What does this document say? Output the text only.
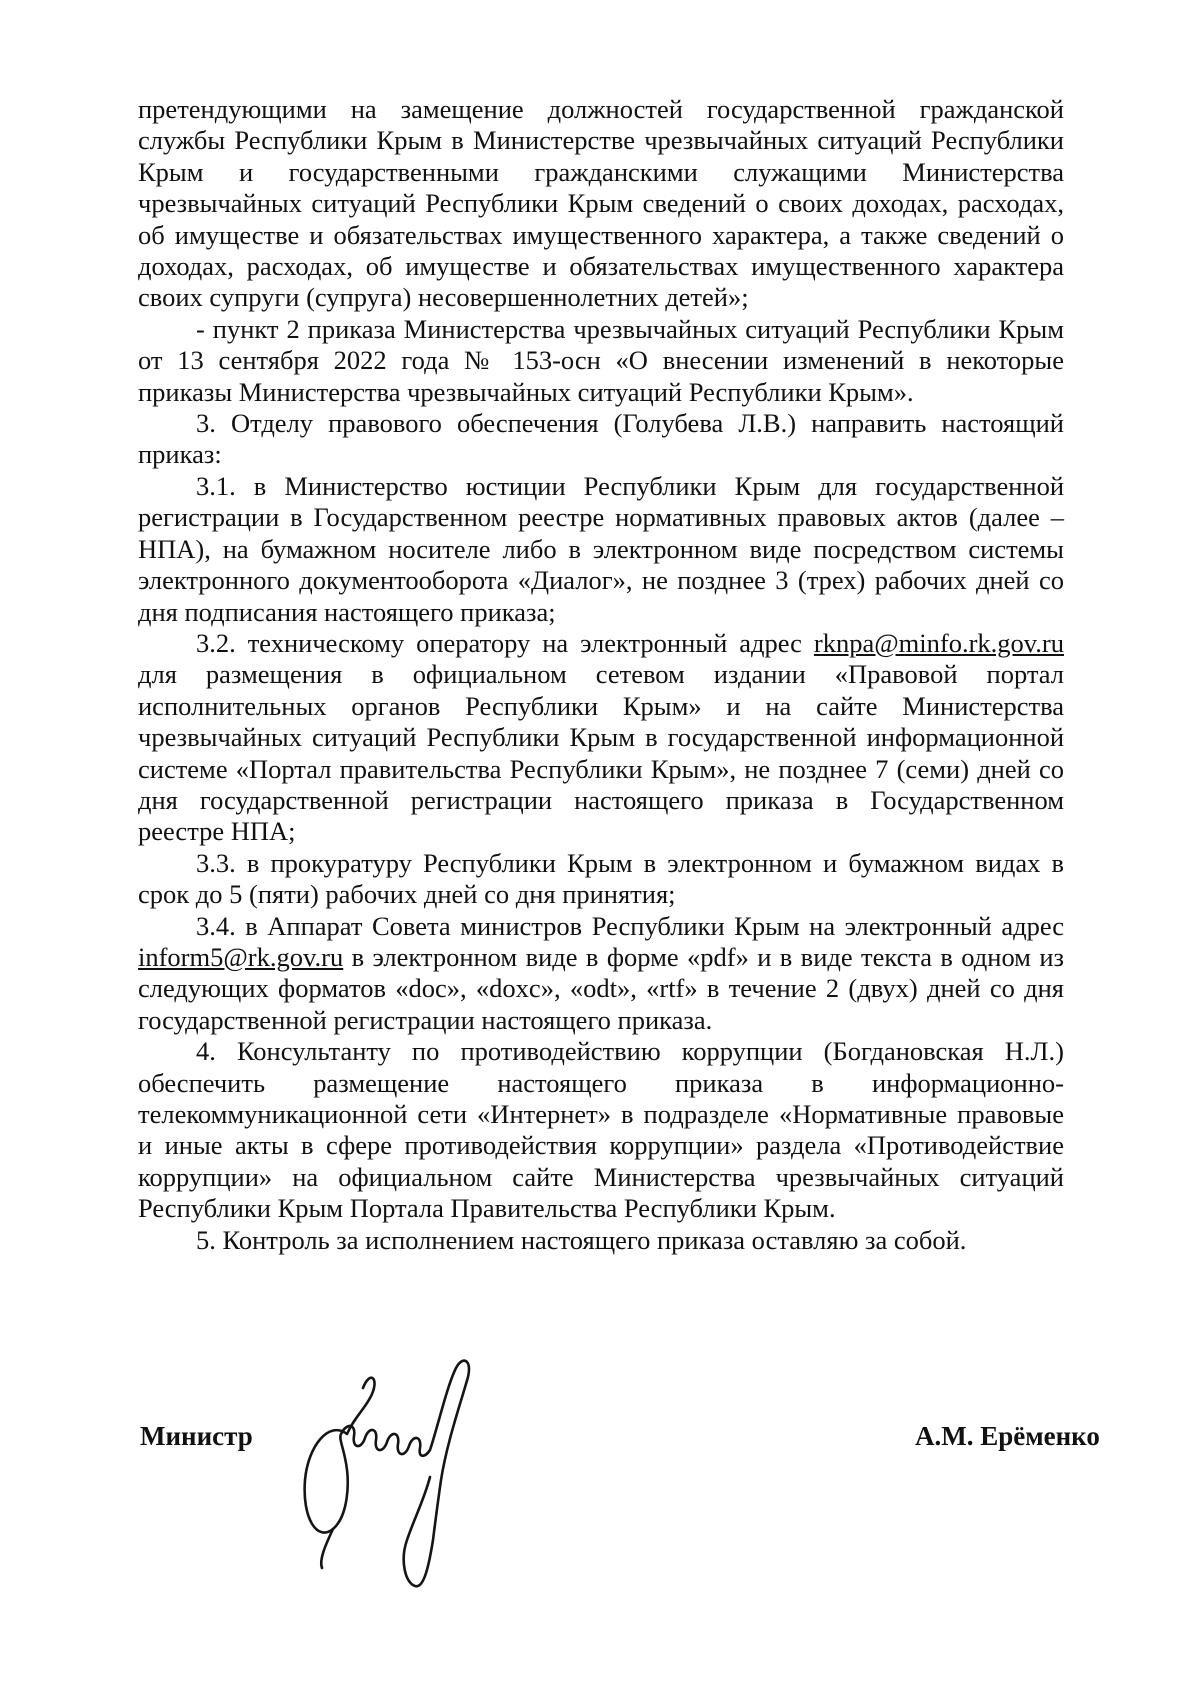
претендующими на замещение должностей государственной гражданской службы Республики Крым в Министерстве чрезвычайных ситуаций Республики Крым и государственными гражданскими служащими Министерства чрезвычайных ситуаций Республики Крым сведений о своих доходах, расходах, об имуществе и обязательствах имущественного характера, а также сведений о доходах, расходах, об имуществе и обязательствах имущественного характера своих супруги (супруга) несовершеннолетних детей»;

- пункт 2 приказа Министерства чрезвычайных ситуаций Республики Крым от 13 сентября 2022 года № 153-осн «О внесении изменений в некоторые приказы Министерства чрезвычайных ситуаций Республики Крым».

3. Отделу правового обеспечения (Голубева Л.В.) направить настоящий приказ:

3.1. в Министерство юстиции Республики Крым для государственной регистрации в Государственном реестре нормативных правовых актов (далее – НПА), на бумажном носителе либо в электронном виде посредством системы электронного документооборота «Диалог», не позднее 3 (трех) рабочих дней со дня подписания настоящего приказа;

3.2. техническому оператору на электронный адрес rknpa@minfo.rk.gov.ru для размещения в официальном сетевом издании «Правовой портал исполнительных органов Республики Крым» и на сайте Министерства чрезвычайных ситуаций Республики Крым в государственной информационной системе «Портал правительства Республики Крым», не позднее 7 (семи) дней со дня государственной регистрации настоящего приказа в Государственном реестре НПА;

3.3. в прокуратуру Республики Крым в электронном и бумажном видах в срок до 5 (пяти) рабочих дней со дня принятия;

3.4. в Аппарат Совета министров Республики Крым на электронный адрес inform5@rk.gov.ru в электронном виде в форме «pdf» и в виде текста в одном из следующих форматов «doc», «doxc», «odt», «rtf» в течение 2 (двух) дней со дня государственной регистрации настоящего приказа.

4. Консультанту по противодействию коррупции (Богдановская Н.Л.) обеспечить размещение настоящего приказа в информационно-телекоммуникационной сети «Интернет» в подразделе «Нормативные правовые и иные акты в сфере противодействия коррупции» раздела «Противодействие коррупции» на официальном сайте Министерства чрезвычайных ситуаций Республики Крым Портала Правительства Республики Крым.

5. Контроль за исполнением настоящего приказа оставляю за собой.

Министр	А.М. Ерёменко
